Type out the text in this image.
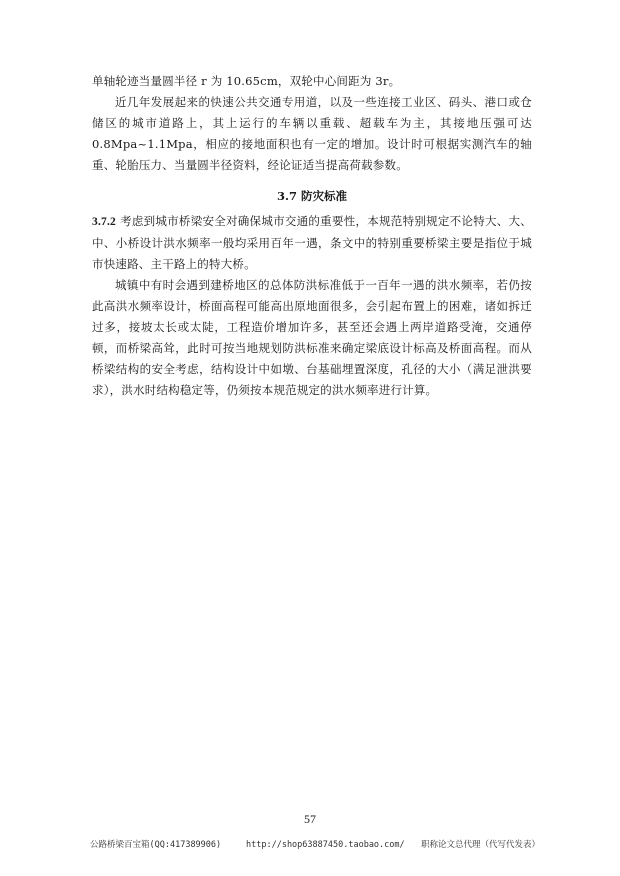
单轴轮迹当量圆半径 r 为 10.65cm，双轮中心间距为 3r。

近几年发展起来的快速公共交通专用道，以及一些连接工业区、码头、港口或仓储区的城市道路上，其上运行的车辆以重载、超载车为主，其接地压强可达 0.8Mpa~1.1Mpa，相应的接地面积也有一定的增加。设计时可根据实测汽车的轴重、轮胎压力、当量圆半径资料，经论证适当提高荷载参数。

3.7 防灾标准

3.7.2 考虑到城市桥梁安全对确保城市交通的重要性，本规范特别规定不论特大、大、中、小桥设计洪水频率一般均采用百年一遇，条文中的特别重要桥梁主要是指位于城市快速路、主干路上的特大桥。

城镇中有时会遇到建桥地区的总体防洪标准低于一百年一遇的洪水频率，若仍按此高洪水频率设计，桥面高程可能高出原地面很多，会引起布置上的困难，诸如拆迁过多，接坡太长或太陡，工程造价增加许多，甚至还会遇上两岸道路受淹，交通停顿，而桥梁高耸，此时可按当地规划防洪标准来确定梁底设计标高及桥面高程。而从桥梁结构的安全考虑，结构设计中如墩、台基础埋置深度，孔径的大小（满足泄洪要求），洪水时结构稳定等，仍须按本规范规定的洪水频率进行计算。

57
公路桥梁百宝箱(QQ:417389906)	http://shop63887450.taobao.com/ 职称论文总代理（代写代发表）
